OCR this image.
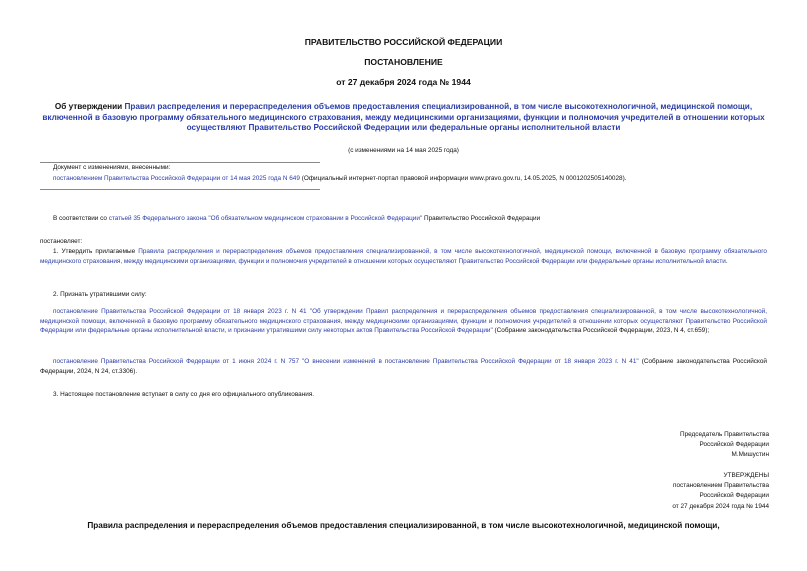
ПРАВИТЕЛЬСТВО РОССИЙСКОЙ ФЕДЕРАЦИИ
ПОСТАНОВЛЕНИЕ
от 27 декабря 2024 года № 1944
Об утверждении Правил распределения и перераспределения объемов предоставления специализированной, в том числе высокотехнологичной, медицинской помощи, включенной в базовую программу обязательного медицинского страхования, между медицинскими организациями, функции и полномочия учредителей в отношении которых осуществляют Правительство Российской Федерации или федеральные органы исполнительной власти
(с изменениями на 14 мая 2025 года)
Документ с изменениями, внесенными:
постановлением Правительства Российской Федерации от 14 мая 2025 года N 649 (Официальный интернет-портал правовой информации www.pravo.gov.ru, 14.05.2025, N 0001202505140028).
В соответствии со статьей 35 Федерального закона "Об обязательном медицинском страховании в Российской Федерации" Правительство Российской Федерации
постановляет:
1. Утвердить прилагаемые Правила распределения и перераспределения объемов предоставления специализированной, в том числе высокотехнологичной, медицинской помощи, включенной в базовую программу обязательного медицинского страхования, между медицинскими организациями, функции и полномочия учредителей в отношении которых осуществляют Правительство Российской Федерации или федеральные органы исполнительной власти.
2. Признать утратившими силу:
постановление Правительства Российской Федерации от 18 января 2023 г. N 41 "Об утверждении Правил распределения и перераспределения объемов предоставления специализированной, в том числе высокотехнологичной, медицинской помощи, включенной в базовую программу обязательного медицинского страхования, между медицинскими организациями, функции и полномочия учредителей в отношении которых осуществляют Правительство Российской Федерации или федеральные органы исполнительной власти, и признании утратившими силу некоторых актов Правительства Российской Федерации" (Собрание законодательства Российской Федерации, 2023, N 4, ст.659);
постановление Правительства Российской Федерации от 1 июня 2024 г. N 757 "О внесении изменений в постановление Правительства Российской Федерации от 18 января 2023 г. N 41" (Собрание законодательства Российской Федерации, 2024, N 24, ст.3306).
3. Настоящее постановление вступает в силу со дня его официального опубликования.
Председатель Правительства
Российской Федерации
М.Мишустин
УТВЕРЖДЕНЫ
постановлением Правительства
Российской Федерации
от 27 декабря 2024 года № 1944
Правила распределения и перераспределения объемов предоставления специализированной, в том числе высокотехнологичной, медицинской помощи,
